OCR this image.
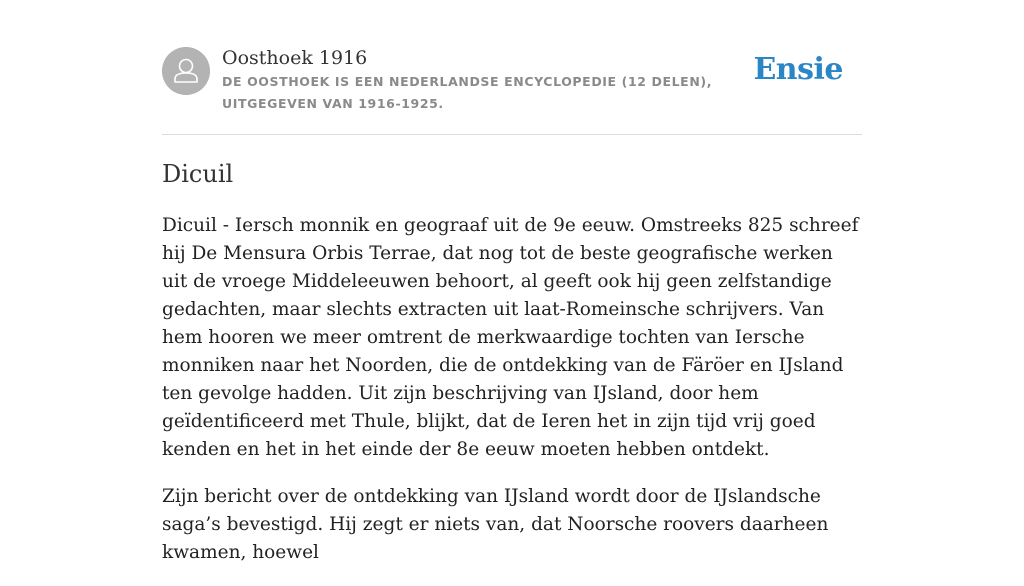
Oosthoek 1916
DE OOSTHOEK IS EEN NEDERLANDSE ENCYCLOPEDIE (12 DELEN), UITGEGEVEN VAN 1916-1925.
Ensie
Dicuil

Dicuil - Iersch monnik en geograaf uit de 9e eeuw. Omstreeks 825 schreef hij De Mensura Orbis Terrae, dat nog tot de beste geografische werken uit de vroege Middeleeuwen behoort, al geeft ook hij geen zelfstandige gedachten, maar slechts extracten uit laat-Romeinsche schrijvers. Van hem hooren we meer omtrent de merkwaardige tochten van Iersche monniken naar het Noorden, die de ontdekking van de Färöer en IJsland ten gevolge hadden. Uit zijn beschrijving van IJsland, door hem geïdentificeerd met Thule, blijkt, dat de Ieren het in zijn tijd vrij goed kenden en het in het einde der 8e eeuw moeten hebben ontdekt.

Zijn bericht over de ontdekking van IJsland wordt door de IJslandsche saga’s bevestigd. Hij zegt er niets van, dat Noorsche roovers daarheen kwamen, hoewel
